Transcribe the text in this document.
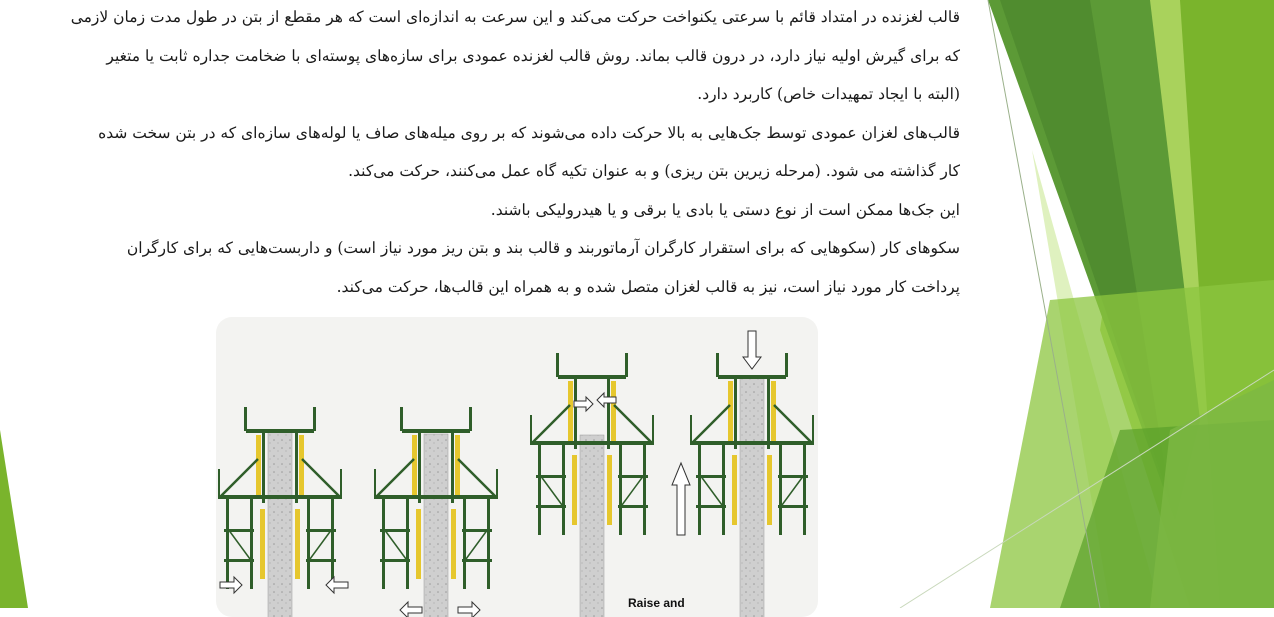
قالب لغزنده در امتداد قائم با سرعتی یکنواخت حرکت می‌کند و این سرعت به اندازه‌ای است که هر مقطع از بتن در طول مدت زمان لازمی
که برای گیرش اولیه نیاز دارد، در درون قالب بماند. روش قالب لغزنده عمودی برای سازه‌های پوسته‌ای با ضخامت جداره ثابت یا متغیر
(البته با ایجاد تمهیدات خاص) کاربرد دارد.

قالب‌های لغزان عمودی توسط جک‌هایی به بالا حرکت داده می‌شوند که بر روی میله‌های صاف یا لوله‌های سازه‌ای که در بتن سخت شده
کار گذاشته می شود. (مرحله زیرین بتن ریزی) و به عنوان تکیه گاه عمل می‌کنند، حرکت می‌کند.

این جک‌ها ممکن است از نوع دستی یا بادی یا برقی و یا هیدرولیکی باشند.

سکوهای کار (سکوهایی که برای استقرار کارگران آرماتوربند و قالب بند و بتن ریز مورد نیاز است) و داربست‌هایی که برای کارگران
پرداخت کار مورد نیاز است، نیز به قالب لغزان متصل شده و به همراه این قالب‌ها، حرکت می‌کند.

Raise and
